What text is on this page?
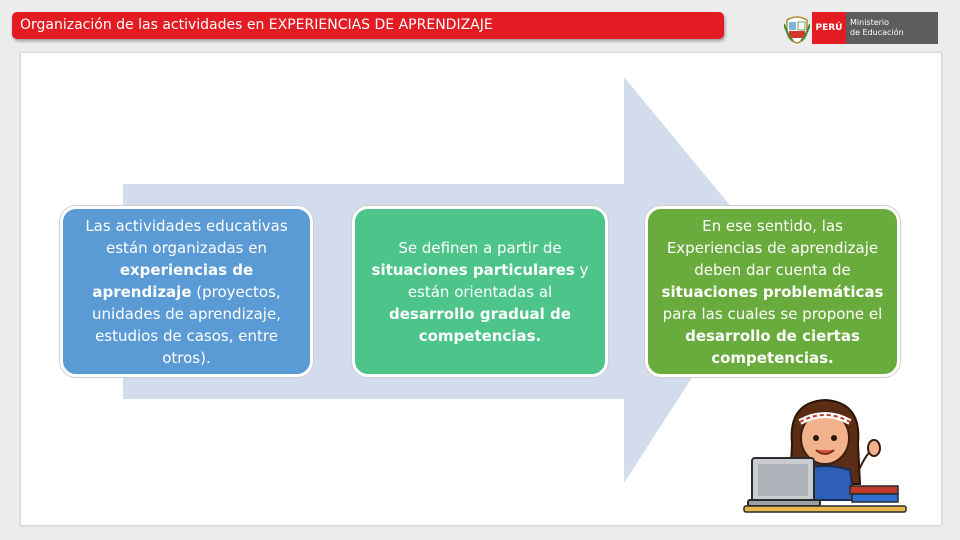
Organización de las actividades en EXPERIENCIAS DE APRENDIZAJE	PERÚ
Ministerio
de Educación
Las actividades educativas están organizadas en experiencias de aprendizaje (proyectos, unidades de aprendizaje, estudios de casos, entre otros).
Se definen a partir de situaciones particulares y están orientadas al desarrollo gradual de competencias.
En ese sentido, las Experiencias de aprendizaje deben dar cuenta de situaciones problemáticas para las cuales se propone el desarrollo de ciertas competencias.
